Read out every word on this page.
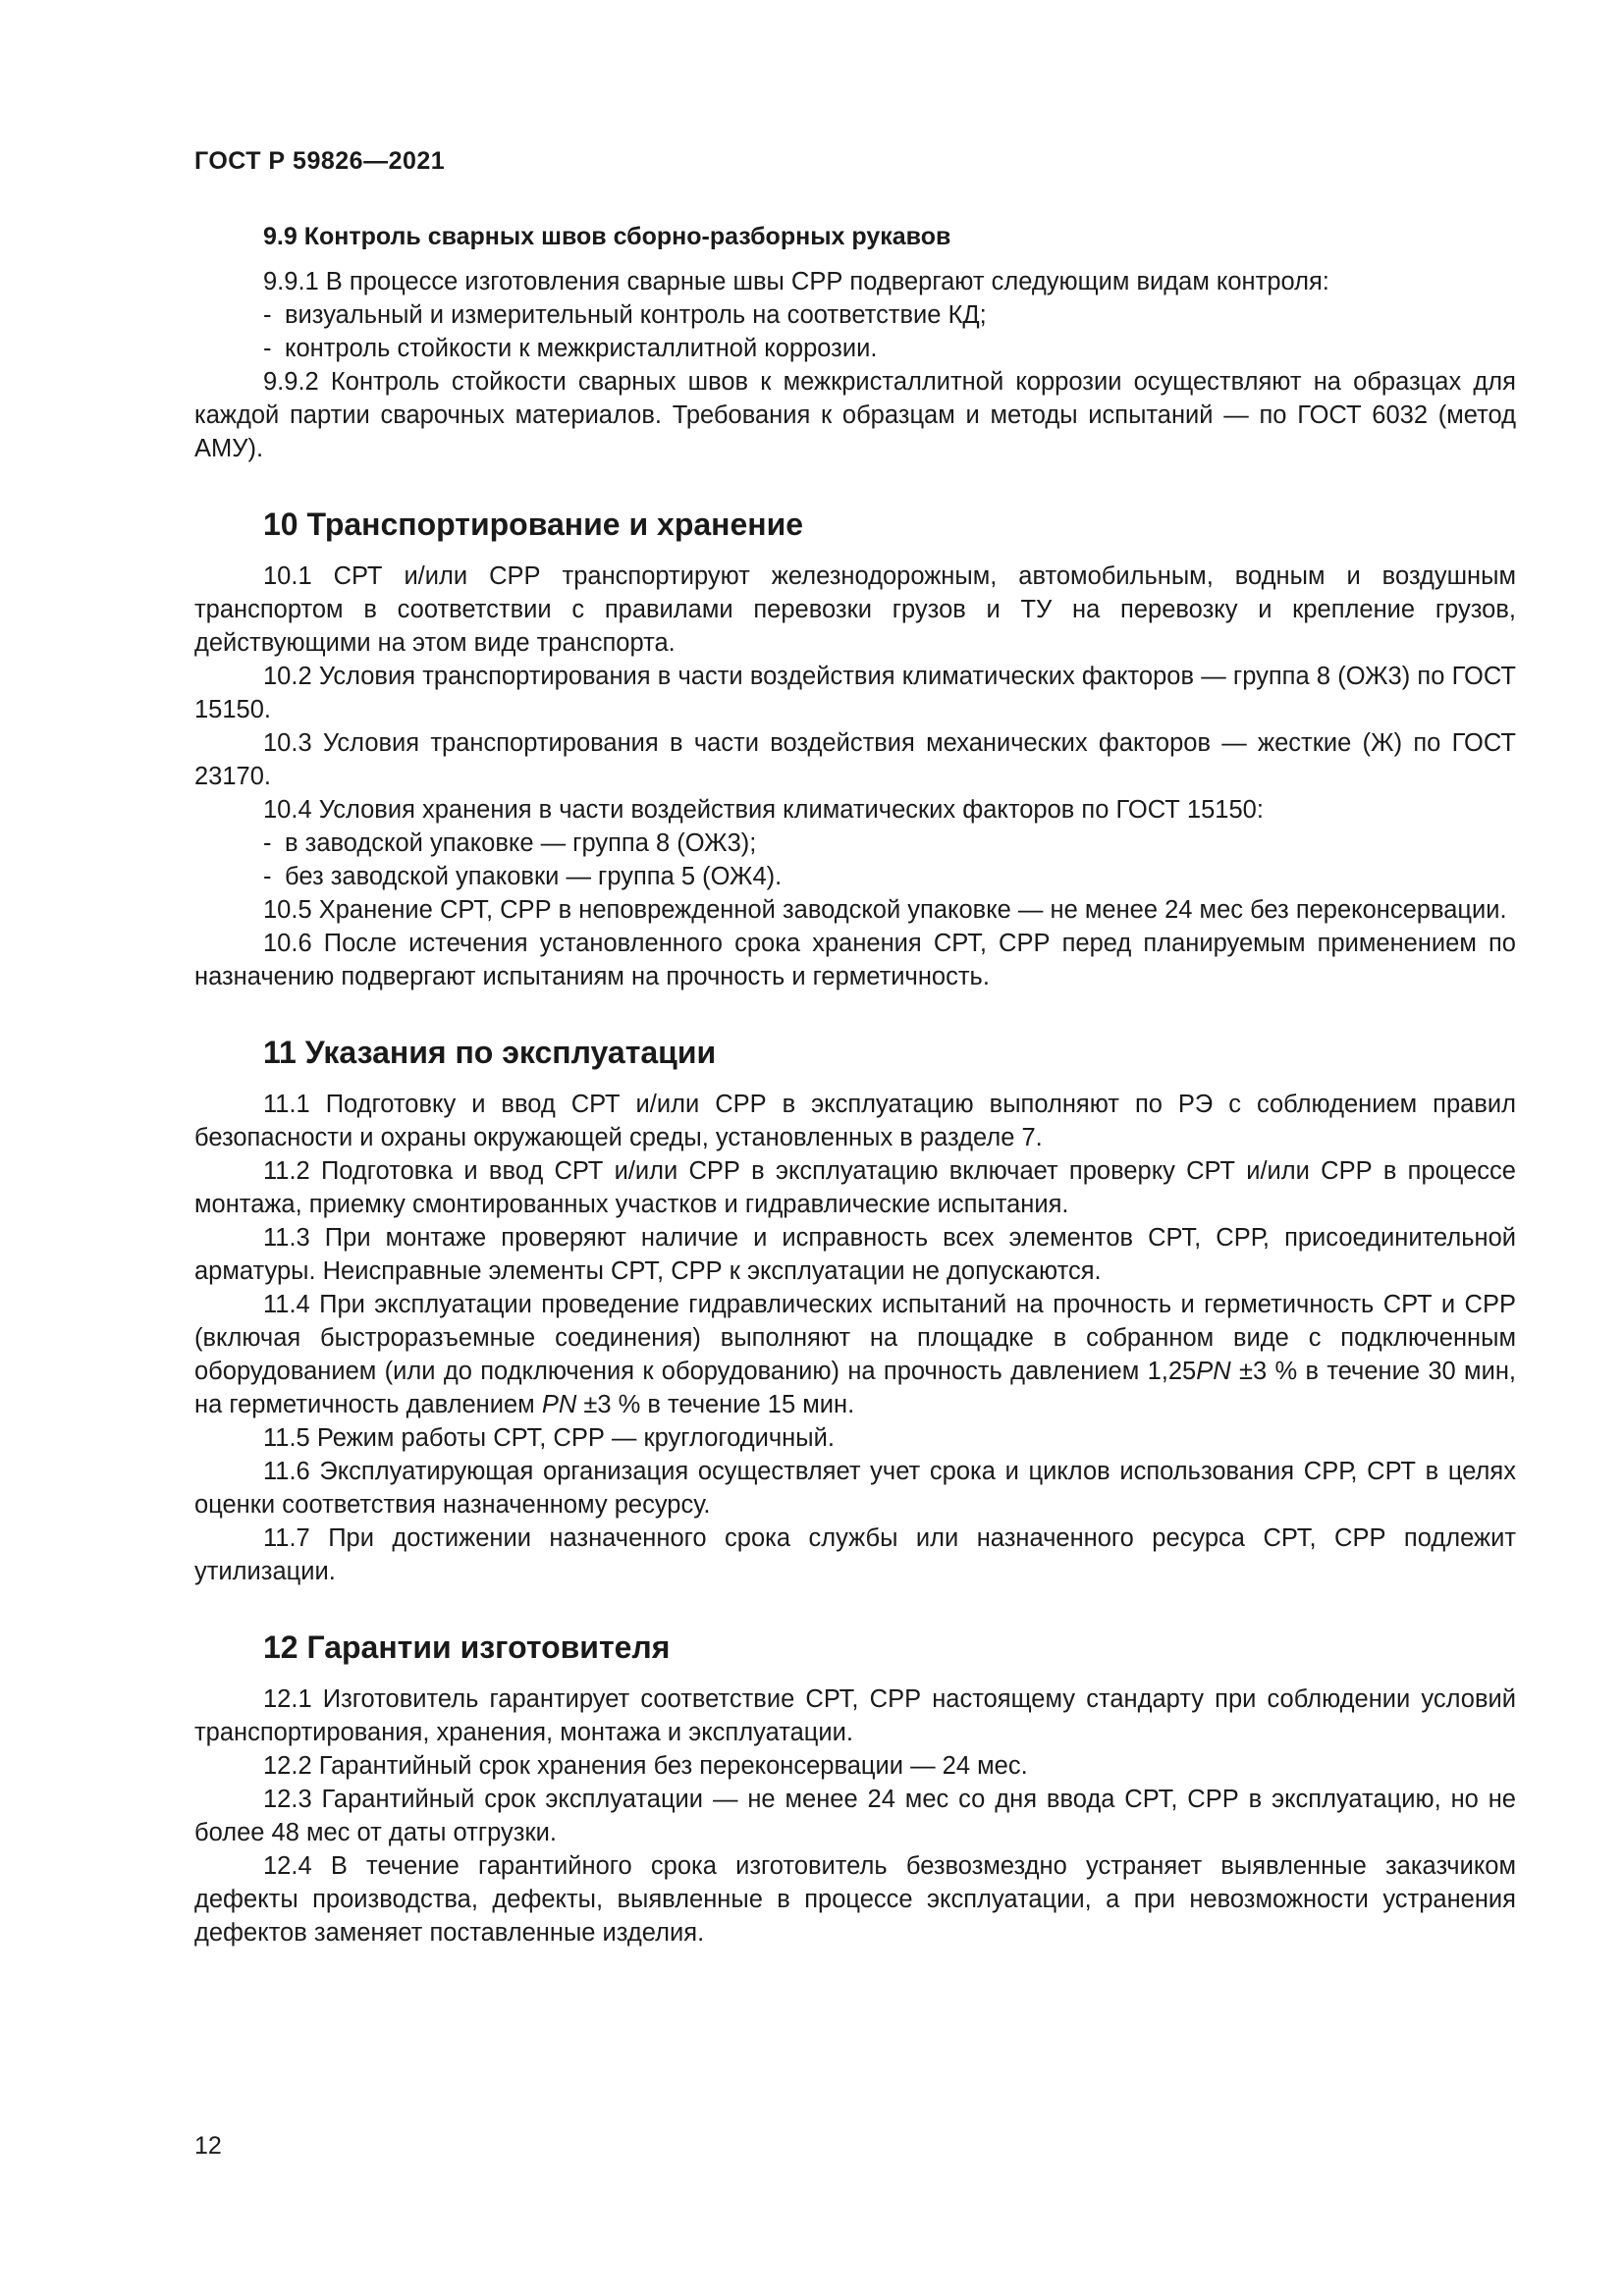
ГОСТ Р 59826—2021
9.9 Контроль сварных швов сборно-разборных рукавов

9.9.1 В процессе изготовления сварные швы СРР подвергают следующим видам контроля:

- визуальный и измерительный контроль на соответствие КД;

- контроль стойкости к межкристаллитной коррозии.

9.9.2 Контроль стойкости сварных швов к межкристаллитной коррозии осуществляют на образцах для каждой партии сварочных материалов. Требования к образцам и методы испытаний — по ГОСТ 6032 (метод АМУ).

10 Транспортирование и хранение

10.1 СРТ и/или СРР транспортируют железнодорожным, автомобильным, водным и воздушным транспортом в соответствии с правилами перевозки грузов и ТУ на перевозку и крепление грузов, действующими на этом виде транспорта.

10.2 Условия транспортирования в части воздействия климатических факторов — группа 8 (ОЖ3) по ГОСТ 15150.

10.3 Условия транспортирования в части воздействия механических факторов — жесткие (Ж) по ГОСТ 23170.

10.4 Условия хранения в части воздействия климатических факторов по ГОСТ 15150:

- в заводской упаковке — группа 8 (ОЖ3);

- без заводской упаковки — группа 5 (ОЖ4).

10.5 Хранение СРТ, СРР в неповрежденной заводской упаковке — не менее 24 мес без переконсервации.

10.6 После истечения установленного срока хранения СРТ, СРР перед планируемым применением по назначению подвергают испытаниям на прочность и герметичность.

11 Указания по эксплуатации

11.1 Подготовку и ввод СРТ и/или СРР в эксплуатацию выполняют по РЭ с соблюдением правил безопасности и охраны окружающей среды, установленных в разделе 7.

11.2 Подготовка и ввод СРТ и/или СРР в эксплуатацию включает проверку СРТ и/или СРР в процессе монтажа, приемку смонтированных участков и гидравлические испытания.

11.3 При монтаже проверяют наличие и исправность всех элементов СРТ, СРР, присоединительной арматуры. Неисправные элементы СРТ, СРР к эксплуатации не допускаются.

11.4 При эксплуатации проведение гидравлических испытаний на прочность и герметичность СРТ и СРР (включая быстроразъемные соединения) выполняют на площадке в собранном виде с подключенным оборудованием (или до подключения к оборудованию) на прочность давлением 1,25PN ±3 % в течение 30 мин, на герметичность давлением PN ±3 % в течение 15 мин.

11.5 Режим работы СРТ, СРР — круглогодичный.

11.6 Эксплуатирующая организация осуществляет учет срока и циклов использования СРР, СРТ в целях оценки соответствия назначенному ресурсу.

11.7 При достижении назначенного срока службы или назначенного ресурса СРТ, СРР подлежит утилизации.

12 Гарантии изготовителя

12.1 Изготовитель гарантирует соответствие СРТ, СРР настоящему стандарту при соблюдении условий транспортирования, хранения, монтажа и эксплуатации.

12.2 Гарантийный срок хранения без переконсервации — 24 мес.

12.3 Гарантийный срок эксплуатации — не менее 24 мес со дня ввода СРТ, СРР в эксплуатацию, но не более 48 мес от даты отгрузки.

12.4 В течение гарантийного срока изготовитель безвозмездно устраняет выявленные заказчиком дефекты производства, дефекты, выявленные в процессе эксплуатации, а при невозможности устранения дефектов заменяет поставленные изделия.

12
